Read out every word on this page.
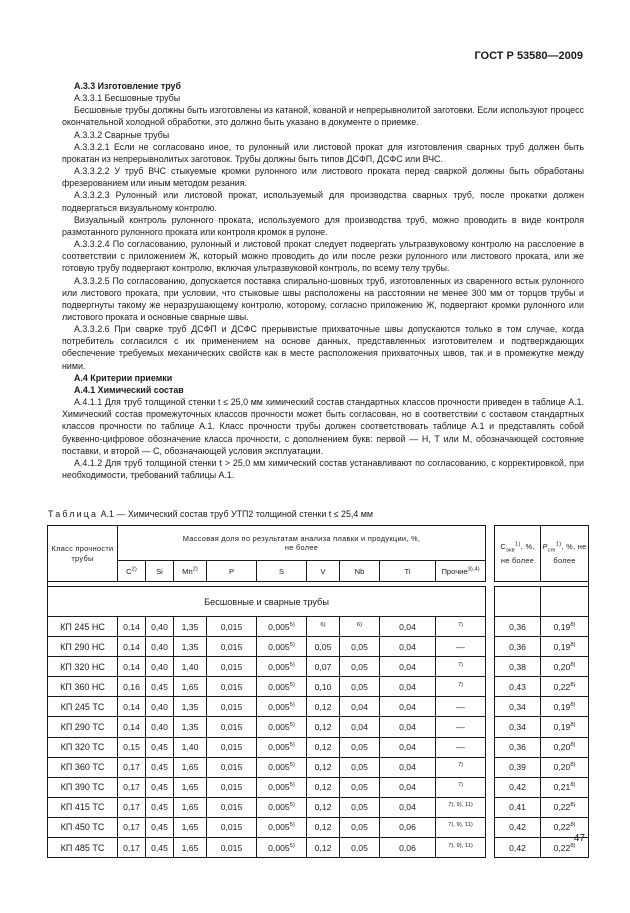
ГОСТ Р 53580—2009

А.3.3 Изготовление труб

А.3.3.1 Бесшовные трубы

Бесшовные трубы должны быть изготовлены из катаной, кованой и непрерывнолитой заготовки. Если используют процесс окончательной холодной обработки, это должно быть указано в документе о приемке.

А.3.3.2 Сварные трубы

А.3.3.2.1 Если не согласовано иное, то рулонный или листовой прокат для изготовления сварных труб должен быть прокатан из непрерывнолитых заготовок. Трубы должны быть типов ДСФП, ДСФС или ВЧС.

А.3.3.2.2 У труб ВЧС стыкуемые кромки рулонного или листового проката перед сваркой должны быть обработаны фрезерованием или иным методом резания.

А.3.3.2.3 Рулонный или листовой прокат, используемый для производства сварных труб, после прокатки должен подвергаться визуальному контролю.

Визуальный контроль рулонного проката, используемого для производства труб, можно проводить в виде контроля размотанного рулонного проката или контроля кромок в рулоне.

А.3.3.2.4 По согласованию, рулонный и листовой прокат следует подвергать ультразвуковому контролю на расслоение в соответствии с приложением Ж, который можно проводить до или после резки рулонного или листового проката, или же готовую трубу подвергают контролю, включая ультразвуковой контроль, по всему телу трубы.

А.3.3.2.5 По согласованию, допускается поставка спирально-шовных труб, изготовленных из сваренного встык рулонного или листового проката, при условии, что стыковые швы расположены на расстоянии не менее 300 мм от торцов трубы и подвергнуты такому же неразрушающему контролю, которому, согласно приложению Ж, подвергают кромки рулонного или листового проката и основные сварные швы.

А.3.3.2.6 При сварке труб ДСФП и ДСФС прерывистые прихваточные швы допускаются только в том случае, когда потребитель согласился с их применением на основе данных, представленных изготовителем и подтверждающих обеспечение требуемых механических свойств как в месте расположения прихваточных швов, так и в промежутке между ними.

А.4 Критерии приемки

А.4.1 Химический состав

А.4.1.1 Для труб толщиной стенки t ≤ 25,0 мм химический состав стандартных классов прочности приведен в таблице А.1. Химический состав промежуточных классов прочности может быть согласован, но в соответствии с составом стандартных классов прочности по таблице А.1. Класс прочности трубы должен соответствовать таблице А.1 и представлять собой буквенно-цифровое обозначение класса прочности, с дополнением букв: первой — Н, Т или М, обозначающей состояние поставки, и второй — С, обозначающей условия эксплуатации.

А.4.1.2 Для труб толщиной стенки t > 25,0 мм химический состав устанавливают по согласованию, с корректировкой, при необходимости, требований таблицы А.1.

Таблица А.1 — Химический состав труб УТП2 толщиной стенки t ≤ 25,4 мм
Класс прочности трубы	Массовая доля по результатам анализа плавки и продукции, %, не более										$C_{экв}^{1)}$, %, не более	$P_{cm}^{1)}$, %, не более
	$C^{2)}$	Si	Mn$^{2)}$	P	S	V	Nb	Ti	Прочие$^{3),4)}$

Бесшовные и сварные трубы												
КП 245 НС	0,14	0,40	1,35	0,015	0,005$^{5)}$	$^{6)}$	$^{6)}$	0,04	$^{7)}$		0,36	0,19$^{8)}$
КП 290 НС	0,14	0,40	1,35	0,015	0,005$^{5)}$	0,05	0,05	0,04	—		0,36	0,19$^{8)}$
КП 320 НС	0,14	0,40	1,40	0,015	0,005$^{5)}$	0,07	0,05	0,04	$^{7)}$		0,38	0,20$^{8)}$
КП 360 НС	0,16	0,45	1,65	0,015	0,005$^{5)}$	0,10	0,05	0,04	$^{7)}$		0,43	0,22$^{8)}$
КП 245 ТС	0,14	0,40	1,35	0,015	0,005$^{5)}$	0,12	0,04	0,04	—		0,34	0,19$^{8)}$
КП 290 ТС	0,14	0,40	1,35	0,015	0,005$^{5)}$	0,12	0,04	0,04	—		0,34	0,19$^{8)}$
КП 320 ТС	0,15	0,45	1,40	0,015	0,005$^{5)}$	0,12	0,05	0,04	—		0,36	0,20$^{8)}$
КП 360 ТС	0,17	0,45	1,65	0,015	0,005$^{5)}$	0,12	0,05	0,04	$^{7)}$		0,39	0,20$^{8)}$
КП 390 ТС	0,17	0,45	1,65	0,015	0,005$^{5)}$	0,12	0,05	0,04	$^{7)}$		0,42	0,21$^{8)}$
КП 415 ТС	0,17	0,45	1,65	0,015	0,005$^{5)}$	0,12	0,05	0,04	$^{7), 9), 11)}$		0,41	0,22$^{8)}$
КП 450 ТС	0,17	0,45	1,65	0,015	0,005$^{5)}$	0,12	0,05	0,06	$^{7), 9), 11)}$		0,42	0,22$^{8)}$
КП 485 ТС	0,17	0,45	1,65	0,015	0,005$^{5)}$	0,12	0,05	0,06	$^{7), 9), 11)}$		0,42	0,22$^{8)}$
47
